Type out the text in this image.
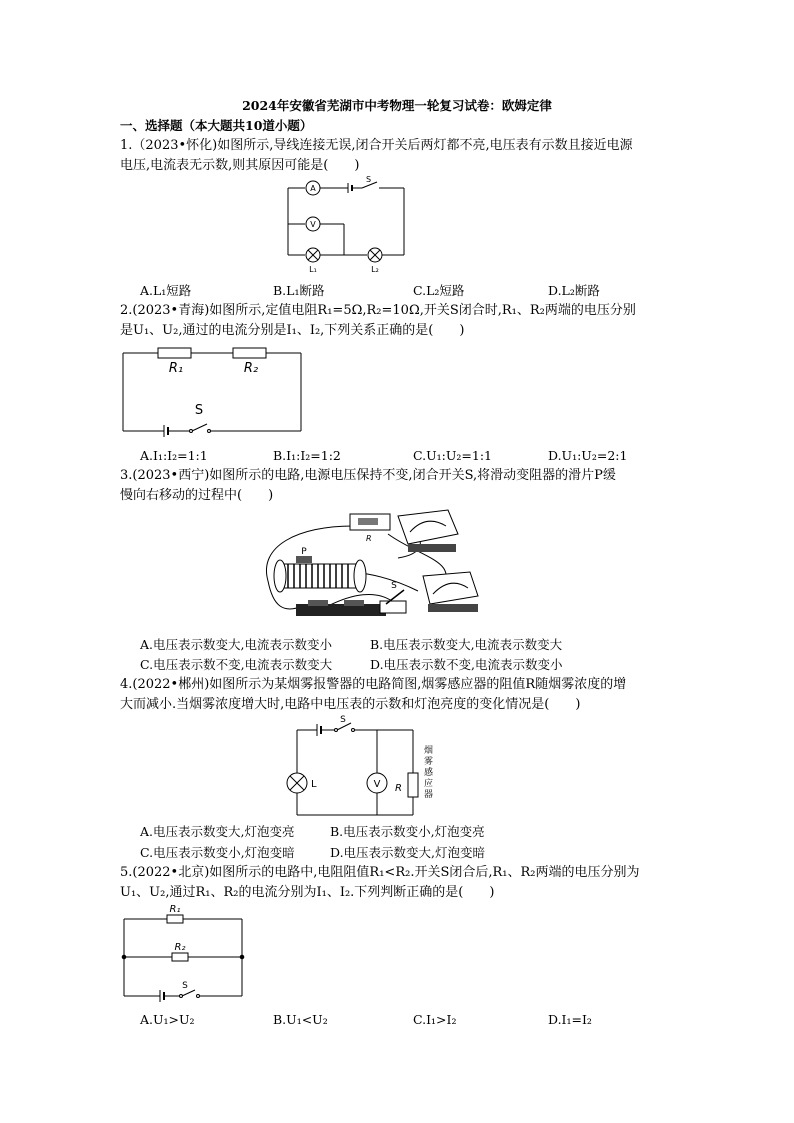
2024年安徽省芜湖市中考物理一轮复习试卷：欧姆定律
一、选择题（本大题共10道小题）
1.（2023•怀化)如图所示,导线连接无误,闭合开关后两灯都不亮,电压表有示数且接近电源
电压,电流表无示数,则其原因可能是(　　)
A
V
S
L₁	L₂
A.L₁短路	B.L₁断路	C.L₂短路	D.L₂断路
2.(2023•青海)如图所示,定值电阻R₁=5Ω,R₂=10Ω,开关S闭合时,R₁、R₂两端的电压分别
是U₁、U₂,通过的电流分别是I₁、I₂,下列关系正确的是(　　)
R₁	R₂
S
A.I₁:I₂=1:1	B.I₁:I₂=1:2	C.U₁:U₂=1:1	D.U₁:U₂=2:1
3.(2023•西宁)如图所示的电路,电源电压保持不变,闭合开关S,将滑动变阻器的滑片P缓
慢向右移动的过程中(　　)
R
P
S
A.电压表示数变大,电流表示数变小	B.电压表示数变大,电流表示数变大
C.电压表示数不变,电流表示数变大	D.电压表示数不变,电流表示数变小
4.(2022•郴州)如图所示为某烟雾报警器的电路简图,烟雾感应器的阻值R随烟雾浓度的增
大而减小.当烟雾浓度增大时,电路中电压表的示数和灯泡亮度的变化情况是(　　)
S
L	V R 烟雾感应器
A.电压表示数变大,灯泡变亮	B.电压表示数变小,灯泡变亮
C.电压表示数变小,灯泡变暗	D.电压表示数变大,灯泡变暗
5.(2022•北京)如图所示的电路中,电阻阻值R₁<R₂.开关S闭合后,R₁、R₂两端的电压分别为
U₁、U₂,通过R₁、R₂的电流分别为I₁、I₂.下列判断正确的是(　　)
R₁
R₂
S
A.U₁>U₂	B.U₁<U₂	C.I₁>I₂	D.I₁=I₂
